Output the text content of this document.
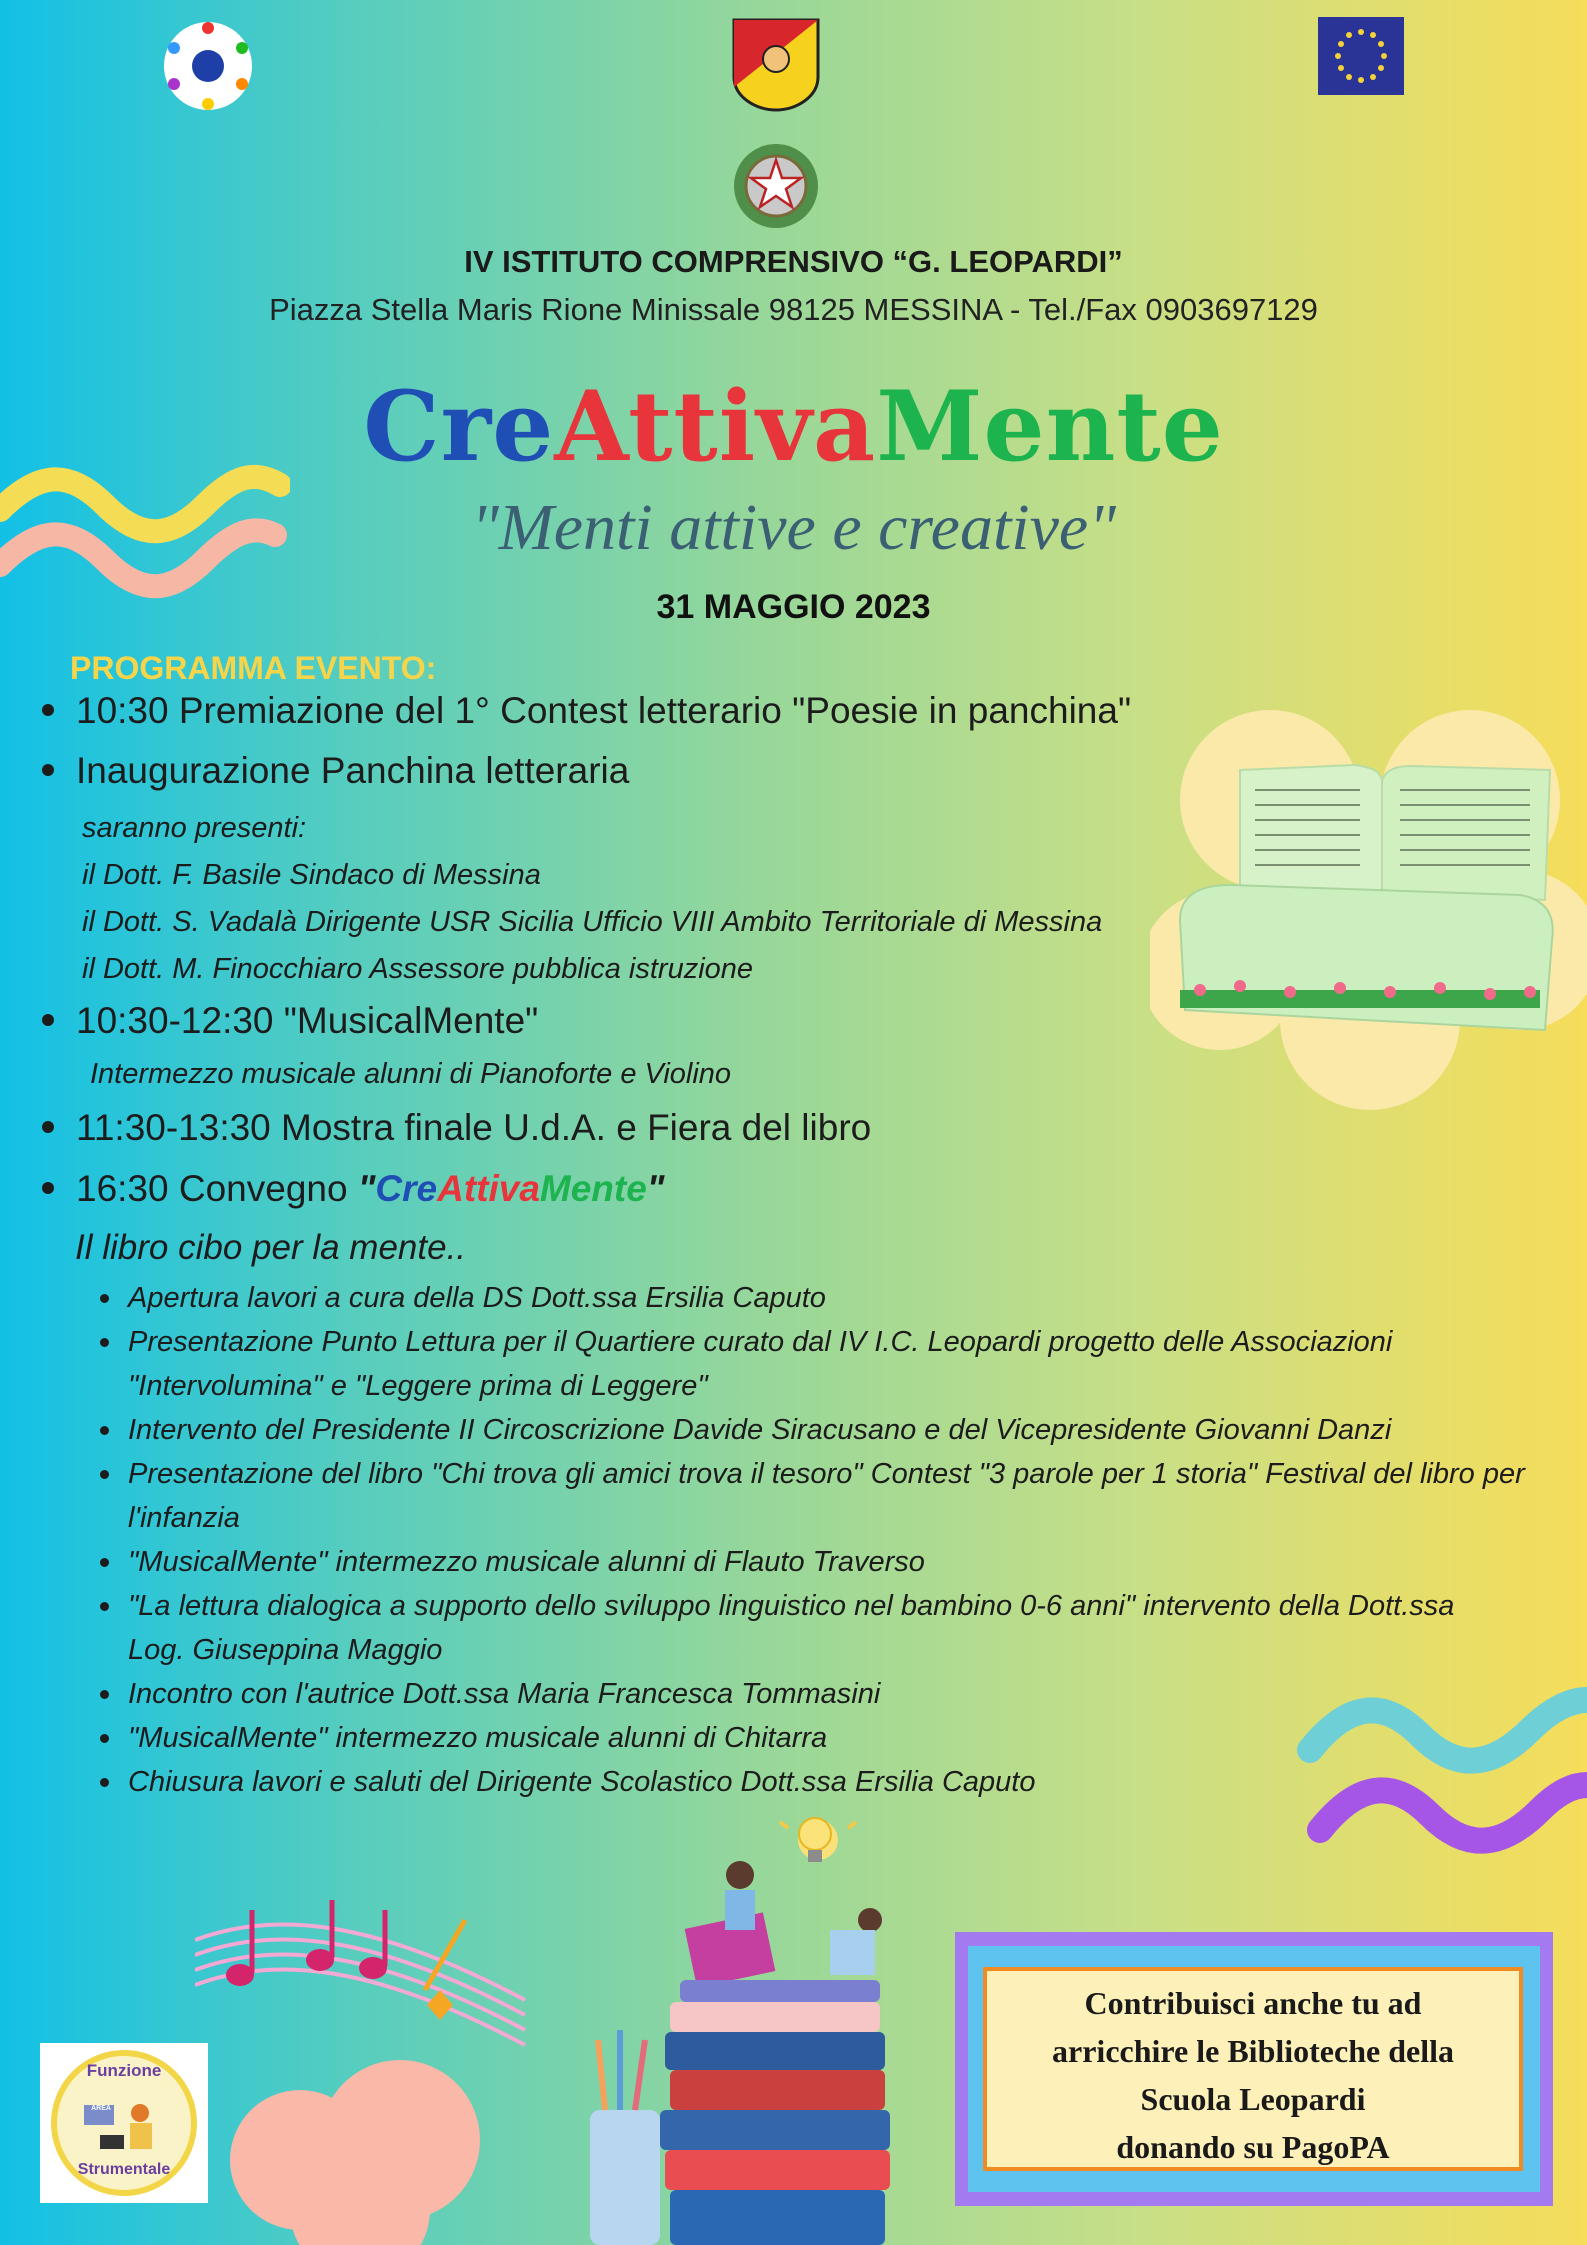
IV ISTITUTO COMPRENSIVO “G. LEOPARDI”
Piazza Stella Maris Rione Minissale 98125 MESSINA - Tel./Fax 0903697129
CreAttivaMente
"Menti attive e creative"
31 MAGGIO 2023
PROGRAMMA EVENTO:
10:30 Premiazione del 1° Contest letterario "Poesie in panchina"
Inaugurazione Panchina letteraria
saranno presenti:
il Dott. F. Basile Sindaco di Messina
il Dott. S. Vadalà Dirigente USR Sicilia Ufficio VIII Ambito Territoriale di Messina
il Dott. M. Finocchiaro Assessore pubblica istruzione
10:30-12:30 "MusicalMente"
Intermezzo musicale alunni di Pianoforte e Violino
11:30-13:30 Mostra finale U.d.A. e Fiera del libro
16:30 Convegno "CreAttivaMente"
Il libro cibo per la mente..
Apertura lavori a cura della DS Dott.ssa Ersilia Caputo
Presentazione Punto Lettura per il Quartiere curato dal IV I.C. Leopardi progetto delle Associazioni "Intervolumina" e "Leggere prima di Leggere"
Intervento del Presidente II Circoscrizione Davide Siracusano e del Vicepresidente Giovanni Danzi
Presentazione del libro "Chi trova gli amici trova il tesoro" Contest "3 parole per 1 storia" Festival del libro per l'infanzia
"MusicalMente" intermezzo musicale alunni di Flauto Traverso
"La lettura dialogica a supporto dello sviluppo linguistico nel bambino 0-6 anni" intervento della Dott.ssa Log. Giuseppina Maggio
Incontro con l'autrice Dott.ssa Maria Francesca Tommasini
"MusicalMente" intermezzo musicale alunni di Chitarra
Chiusura lavori e saluti del Dirigente Scolastico Dott.ssa Ersilia Caputo
Contribuisci anche tu ad
arricchire le Biblioteche della
Scuola Leopardi
donando su PagoPA
Funzione
AREA
Strumentale
